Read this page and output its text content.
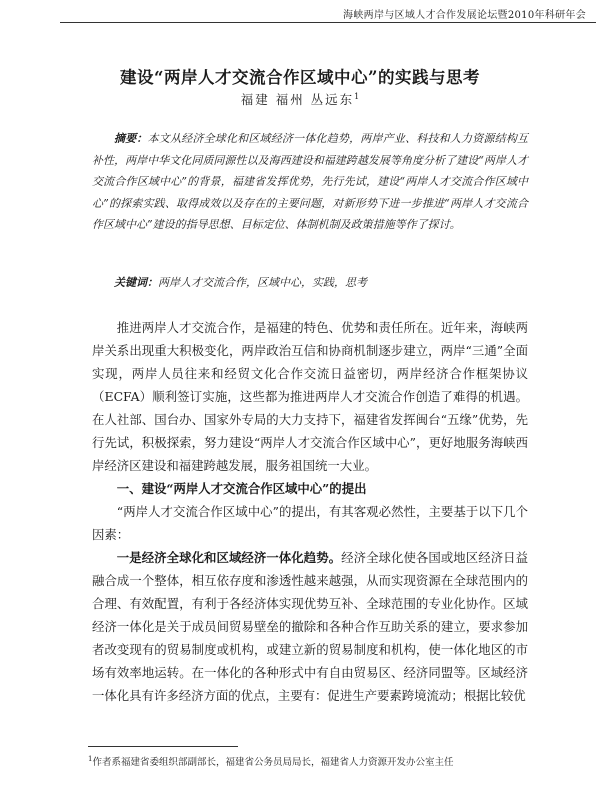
海峡两岸与区域人才合作发展论坛暨2010年科研年会
建设“两岸人才交流合作区域中心”的实践与思考
福建 福州 丛远东$^1$
摘要：本文从经济全球化和区域经济一体化趋势，两岸产业、科技和人力资源结构互补性，两岸中华文化同质同源性以及海西建设和福建跨越发展等角度分析了建设“两岸人才交流合作区域中心”的背景，福建省发挥优势，先行先试，建设“两岸人才交流合作区域中心”的探索实践、取得成效以及存在的主要问题，对新形势下进一步推进“两岸人才交流合作区域中心”建设的指导思想、目标定位、体制机制及政策措施等作了探讨。
关键词：两岸人才交流合作，区域中心，实践，思考

推进两岸人才交流合作，是福建的特色、优势和责任所在。近年来，海峡两岸关系出现重大积极变化，两岸政治互信和协商机制逐步建立，两岸“三通”全面实现，两岸人员往来和经贸文化合作交流日益密切，两岸经济合作框架协议（ECFA）顺利签订实施，这些都为推进两岸人才交流合作创造了难得的机遇。在人社部、国台办、国家外专局的大力支持下，福建省发挥闽台“五缘”优势，先行先试，积极探索，努力建设“两岸人才交流合作区域中心”，更好地服务海峡西岸经济区建设和福建跨越发展，服务祖国统一大业。

一、建设“两岸人才交流合作区域中心”的提出

“两岸人才交流合作区域中心”的提出，有其客观必然性，主要基于以下几个因素：

一是经济全球化和区域经济一体化趋势。经济全球化使各国或地区经济日益融合成一个整体，相互依存度和渗透性越来越强，从而实现资源在全球范围内的合理、有效配置，有利于各经济体实现优势互补、全球范围的专业化协作。区域经济一体化是关于成员间贸易壁垒的撤除和各种合作互助关系的建立，要求参加者改变现有的贸易制度或机构，或建立新的贸易制度和机构，使一体化地区的市场有效率地运转。在一体化的各种形式中有自由贸易区、经济同盟等。区域经济一体化具有许多经济方面的优点，主要有：促进生产要素跨境流动；根据比较优

$^1$作者系福建省委组织部副部长，福建省公务员局局长，福建省人力资源开发办公室主任
